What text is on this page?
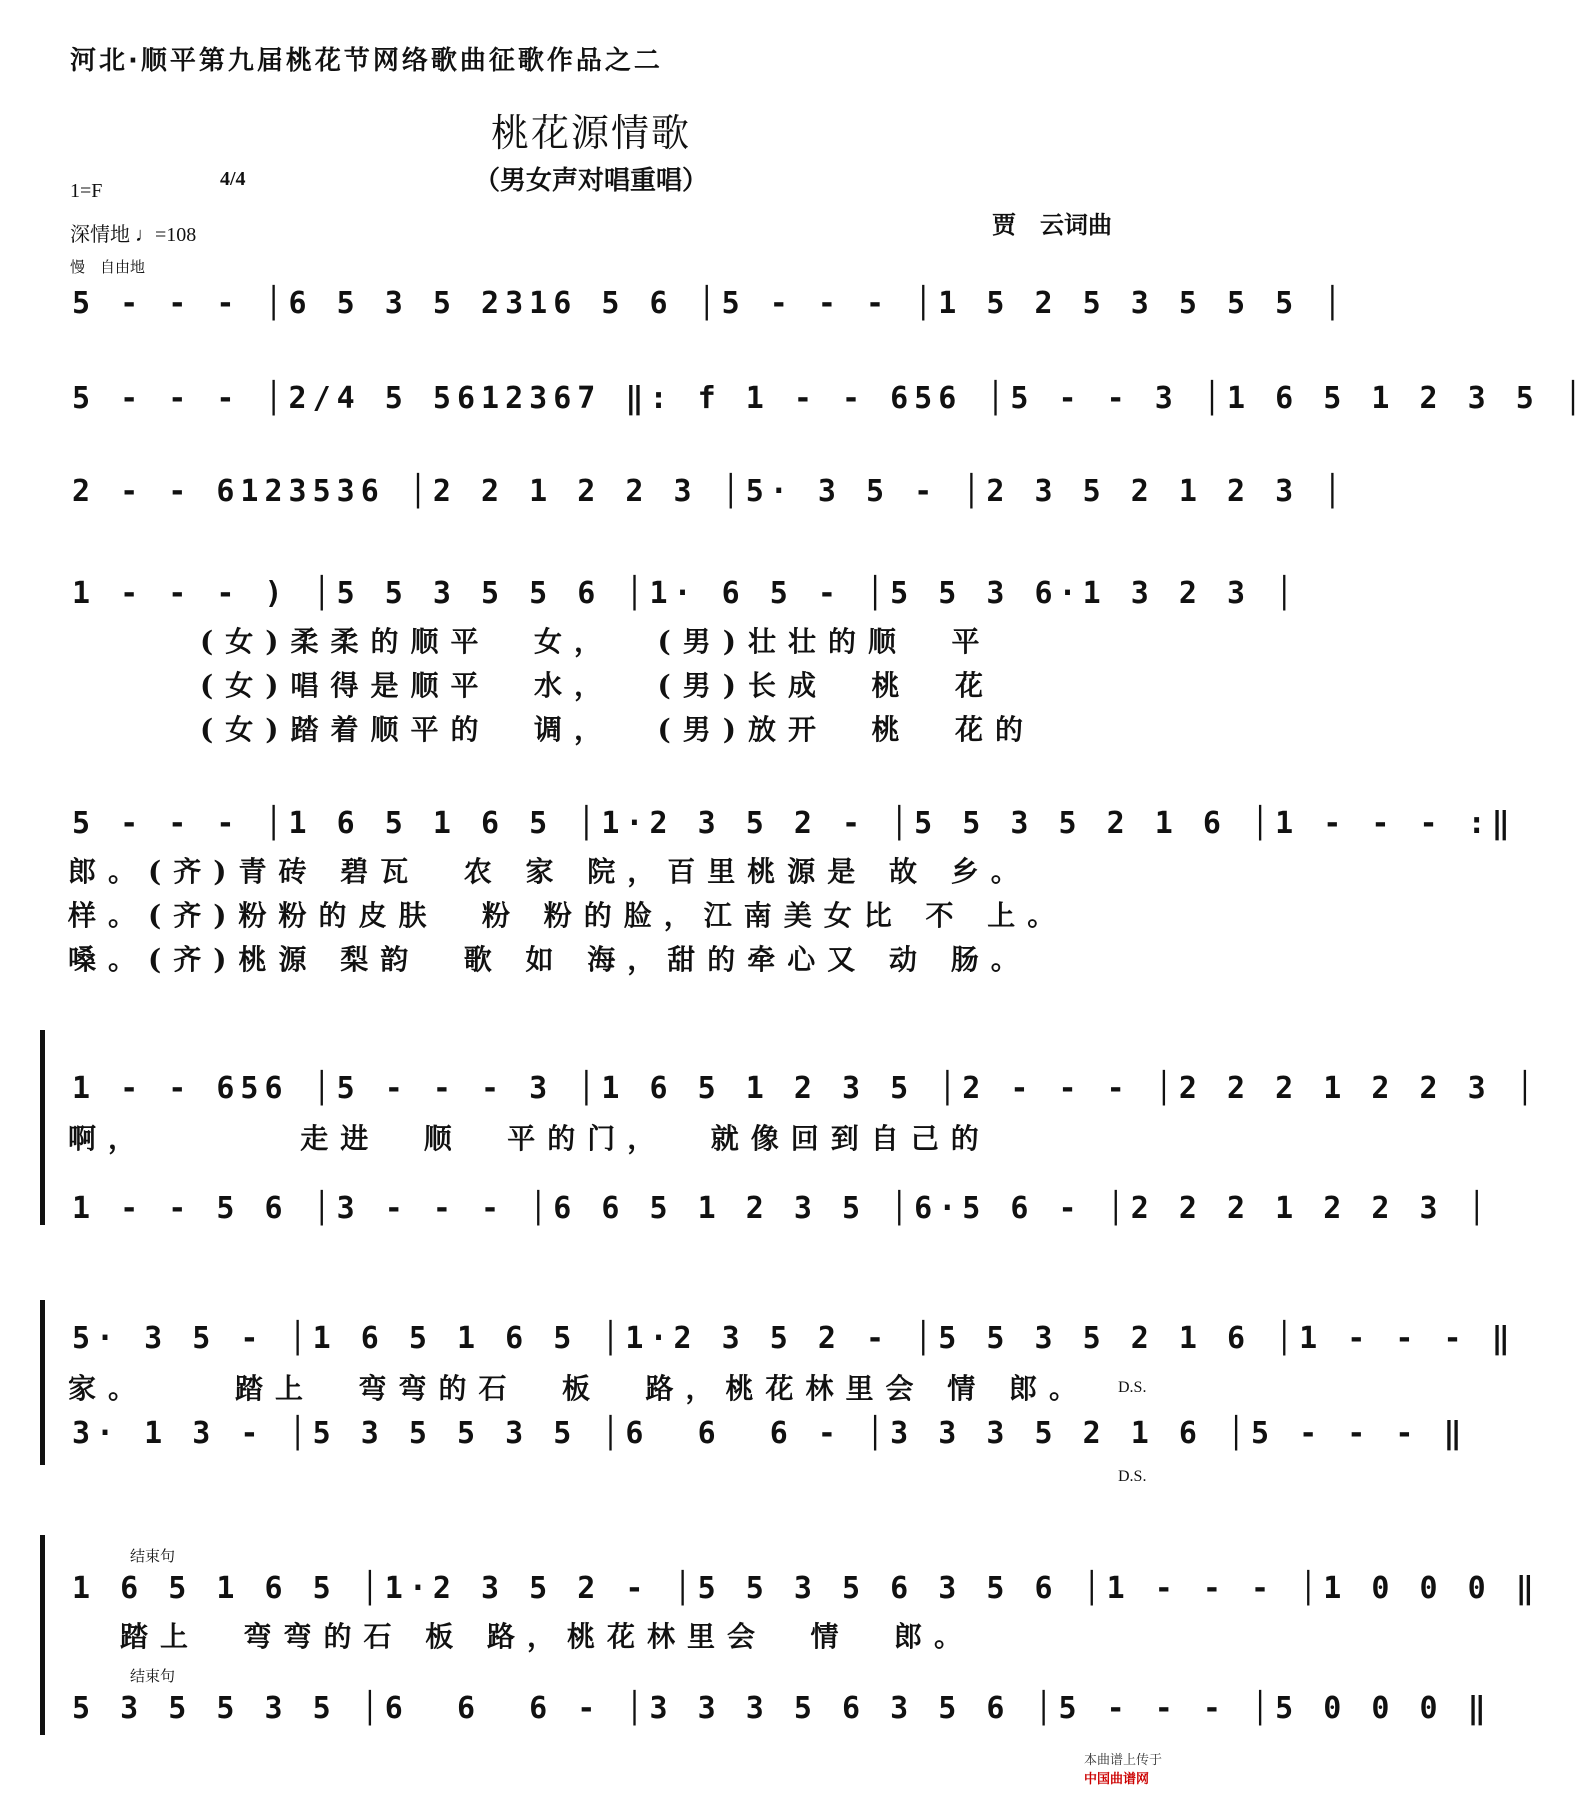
河北·顺平第九届桃花节网络歌曲征歌作品之二
桃花源情歌
（男女声对唱重唱）
1=F
4/4
深情地 ♩=108	贾　云词曲
慢　自由地
5 - - - │6 5 3 5 2316 5 6 │5 - - - │1 5 2 5 3 5 5 5 │
5 - - - │2/4 5 5612367 ‖: f 1 - - 656 │5 - - 3 │1 6 5 1 2 3 5 │
2 - - 6123536 │2 2 1 2 2 3 │5· 3 5 - │2 3 5 2 1 2 3 │
1 - - - ) │5 5 3 5 5 6 │1· 6 5 - │5 5 3 6·1 3 2 3 │
(女)柔柔的顺平  女，  (男)壮壮的顺  平
(女)唱得是顺平  水，  (男)长成  桃  花
(女)踏着顺平的  调，  (男)放开  桃  花的
5 - - - │1 6 5 1 6 5 │1·2 3 5 2 - │5 5 3 5 2 1 6 │1 - - - :‖
郎。(齐)青砖 碧瓦  农 家 院，百里桃源是 故 乡。
样。(齐)粉粉的皮肤  粉 粉的脸，江南美女比 不 上。
嗓。(齐)桃源 梨韵  歌 如 海，甜的牵心又 动 肠。
1 - - 656 │5 - - - 3 │1 6 5 1 2 3 5 │2 - - - │2 2 2 1 2 2 3 │
啊，       走进  顺  平的门，  就像回到自己的
1 - - 5 6 │3 - - - │6 6 5 1 2 3 5 │6·5 6 - │2 2 2 1 2 2 3 │
5· 3 5 - │1 6 5 1 6 5 │1·2 3 5 2 - │5 5 3 5 2 1 6 │1 - - - ‖
家。    踏上  弯弯的石  板  路，桃花林里会 情 郎。 D.S.
3· 1 3 - │5 3 5 5 3 5 │6  6  6 - │3 3 3 5 2 1 6 │5 - - - ‖
D.S.
结束句
1 6 5 1 6 5 │1·2 3 5 2 - │5 5 3 5 6 3 5 6 │1 - - - │1 0 0 0 ‖
踏上  弯弯的石 板 路，桃花林里会  情  郎。
结束句
5 3 5 5 3 5 │6  6  6 - │3 3 3 5 6 3 5 6 │5 - - - │5 0 0 0 ‖

本曲谱上传于
中国曲谱网
